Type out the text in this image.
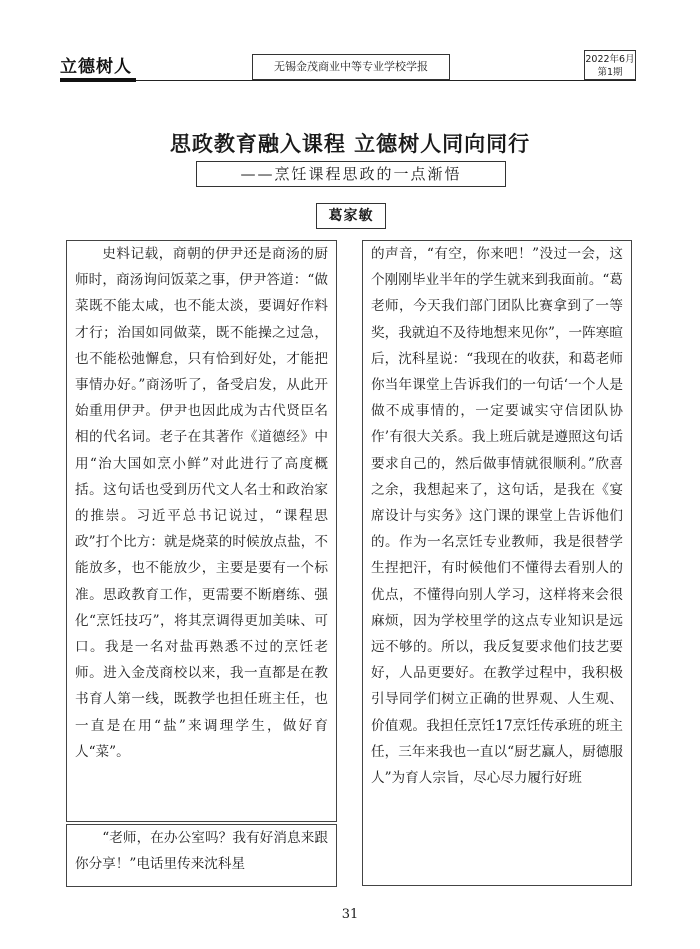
立德树人	无锡金茂商业中等专业学校学报
2022年6月
第1期
思政教育融入课程 立德树人同向同行
——烹饪课程思政的一点渐悟
葛家敏

史料记载，商朝的伊尹还是商汤的厨师时，商汤询问饭菜之事，伊尹答道：“做菜既不能太咸，也不能太淡，要调好作料才行；治国如同做菜，既不能操之过急，也不能松弛懈怠，只有恰到好处，才能把事情办好。”商汤听了，备受启发，从此开始重用伊尹。伊尹也因此成为古代贤臣名相的代名词。老子在其著作《道德经》中用“治大国如烹小鲜”对此进行了高度概括。这句话也受到历代文人名士和政治家的推崇。习近平总书记说过，“课程思政”打个比方：就是烧菜的时候放点盐，不能放多，也不能放少，主要是要有一个标准。思政教育工作，更需要不断磨练、强化“烹饪技巧”，将其烹调得更加美味、可口。我是一名对盐再熟悉不过的烹饪老师。进入金茂商校以来，我一直都是在教书育人第一线，既教学也担任班主任，也一直是在用“盐”来调理学生，做好育人“菜”。

“老师，在办公室吗？我有好消息来跟你分享！”电话里传来沈科星

的声音，“有空，你来吧！”没过一会，这个刚刚毕业半年的学生就来到我面前。“葛老师，今天我们部门团队比赛拿到了一等奖，我就迫不及待地想来见你”，一阵寒暄后，沈科星说：“我现在的收获，和葛老师你当年课堂上告诉我们的一句话‘一个人是做不成事情的，一定要诚实守信团队协作’有很大关系。我上班后就是遵照这句话要求自己的，然后做事情就很顺利。”欣喜之余，我想起来了，这句话，是我在《宴席设计与实务》这门课的课堂上告诉他们的。作为一名烹饪专业教师，我是很替学生捏把汗，有时候他们不懂得去看别人的优点，不懂得向别人学习，这样将来会很麻烦，因为学校里学的这点专业知识是远远不够的。所以，我反复要求他们技艺要好，人品更要好。在教学过程中，我积极引导同学们树立正确的世界观、人生观、价值观。我担任烹饪17烹饪传承班的班主任，三年来我也一直以“厨艺赢人，厨德服人”为育人宗旨，尽心尽力履行好班

31
